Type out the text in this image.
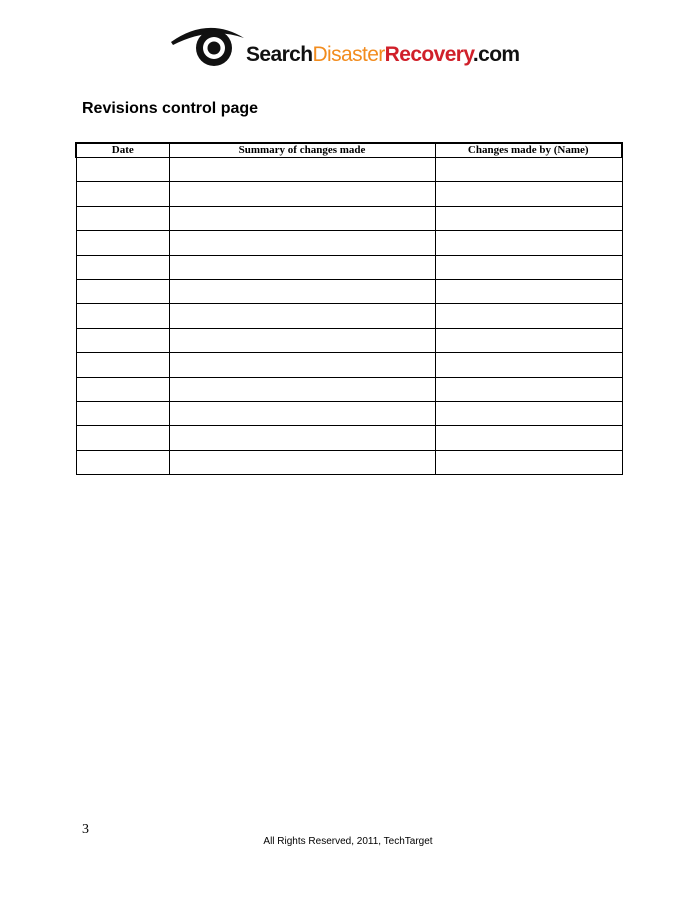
SearchDisasterRecovery.com
Revisions control page
Date	Summary of changes made	Changes made by (Name)

3
All Rights Reserved, 2011, TechTarget
